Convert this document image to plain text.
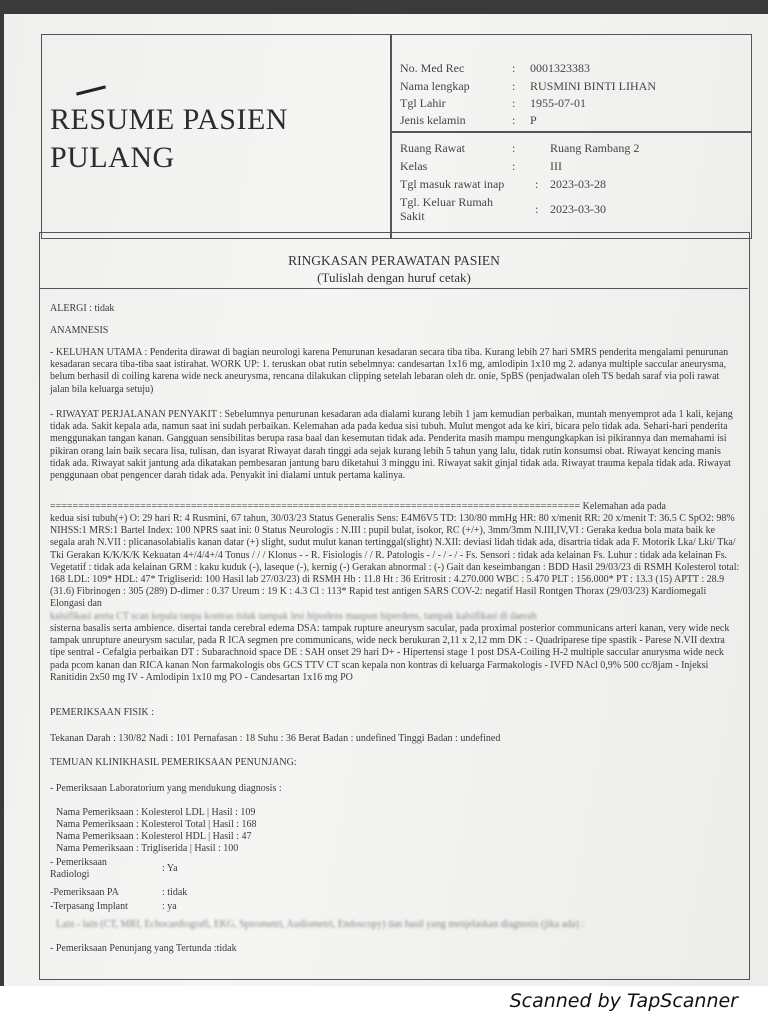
RESUME PASIEN
PULANG
No. Med Rec	: 0001323383
Nama lengkap	: RUSMINI BINTI LIHAN
Tgl Lahir	: 1955-07-01
Jenis kelamin	: P
Ruang Rawat	:	Ruang Rambang 2
Kelas	:	III
Tgl masuk rawat inap	: 2023-03-28
Tgl. Keluar Rumah
Sakit	: 2023-03-30
RINGKASAN PERAWATAN PASIEN
(Tulislah dengan huruf cetak)
ALERGI : tidak
ANAMNESIS
- KELUHAN UTAMA : Penderita dirawat di bagian neurologi karena Penurunan kesadaran secara tiba tiba. Kurang lebih 27 hari SMRS penderita mengalami penurunan kesadaran secara tiba-tiba saat istirahat. WORK UP: 1. teruskan obat rutin sebelmnya: candesartan 1x16 mg, amlodipin 1x10 mg 2. adanya multiple saccular aneurysma, belum berhasil di coiling karena wide neck aneurysma, rencana dilakukan clipping setelah lebaran oleh dr. onie, SpBS (penjadwalan oleh TS bedah saraf via poli rawat jalan bila keluarga setuju)
- RIWAYAT PERJALANAN PENYAKIT : Sebelumnya penurunan kesadaran ada dialami kurang lebih 1 jam kemudian perbaikan, muntah menyemprot ada 1 kali, kejang tidak ada. Sakit kepala ada, namun saat ini sudah perbaikan. Kelemahan ada pada kedua sisi tubuh. Mulut mengot ada ke kiri, bicara pelo tidak ada. Sehari-hari penderita menggunakan tangan kanan. Gangguan sensibilitas berupa rasa baal dan kesemutan tidak ada. Penderita masih mampu mengungkapkan isi pikirannya dan memahami isi pikiran orang lain baik secara lisa, tulisan, dan isyarat Riwayat darah tinggi ada sejak kurang lebih 5 tahun yang lalu, tidak rutin konsumsi obat. Riwayat kencing manis tidak ada. Riwayat sakit jantung ada dikatakan pembesaran jantung baru diketahui 3 minggu ini. Riwayat sakit ginjal tidak ada. Riwayat trauma kepala tidak ada. Riwayat penggunaan obat pengencer darah tidak ada. Penyakit ini dialami untuk pertama kalinya.
============================================================================================== Kelemahan ada pada
kedua sisi tubuh(+) O: 29 hari R: 4 Rusmini, 67 tahun, 30/03/23 Status Generalis Sens: E4M6V5 TD: 130/80 mmHg HR: 80 x/menit RR: 20 x/menit T: 36.5 C SpO2: 98% NIHSS:1 MRS:1 Bartel Index: 100 NPRS saat ini: 0 Status Neurologis : N.III : pupil bulat, isokor, RC (+/+), 3mm/3mm N.III,IV,VI : Geraka kedua bola mata baik ke segala arah N.VII : plicanasolabialis kanan datar (+) slight, sudut mulut kanan tertinggal(slight) N.XII: deviasi lidah tidak ada, disartria tidak ada F. Motorik Lka/ Lki/ Tka/ Tki Gerakan K/K/K/K Kekuatan 4+/4/4+/4 Tonus / / / Klonus - - R. Fisiologis / / R. Patologis - / - / - / - Fs. Sensori : tidak ada kelainan Fs. Luhur : tidak ada kelainan Fs. Vegetatif : tidak ada kelainan GRM : kaku kuduk (-), laseque (-), kernig (-) Gerakan abnormal : (-) Gait dan keseimbangan : BDD Hasil 29/03/23 di RSMH Kolesterol total: 168 LDL: 109* HDL: 47* Trigliserid: 100 Hasil lab 27/03/23) di RSMH Hb : 11.8 Ht : 36 Eritrosit : 4.270.000 WBC : 5.470 PLT : 156.000* PT : 13.3 (15) APTT : 28.9 (31.6) Fibrinogen : 305 (289) D-dimer : 0.37 Ureum : 19 K : 4.3 Cl : 113* Rapid test antigen SARS COV-2: negatif Hasil Rontgen Thorax (29/03/23) Kardiomegali Elongasi dan
kalsifikasi aorta CT scan kepala tanpa kontras tidak tampak lesi hipodens maupun hiperdens, tampak kalsifikasi di daerah
sisterna basalis serta ambience. disertai tanda cerebral edema DSA: tampak rupture aneurysm sacular, pada proximal posterior communicans arteri kanan, very wide neck tampak unrupture aneurysm sacular, pada R ICA segmen pre communicans, wide neck berukuran 2,11 x 2,12 mm DK : - Quadriparese tipe spastik - Parese N.VII dextra tipe sentral - Cefalgia perbaikan DT : Subarachnoid space DE : SAH onset 29 hari D+ - Hipertensi stage 1 post DSA-Coiling H-2 multiple saccular anurysma wide neck pada pcom kanan dan RICA kanan Non farmakologis obs GCS TTV CT scan kepala non kontras di keluarga Farmakologis - IVFD NAcl 0,9% 500 cc/8jam - Injeksi Ranitidin 2x50 mg IV - Amlodipin 1x10 mg PO - Candesartan 1x16 mg PO
PEMERIKSAAN FISIK :
Tekanan Darah : 130/82 Nadi : 101 Pernafasan : 18 Suhu : 36 Berat Badan : undefined Tinggi Badan : undefined
TEMUAN KLINIKHASIL PEMERIKSAAN PENUNJANG:
- Pemeriksaan Laboratorium yang mendukung diagnosis :
Nama Pemeriksaan : Kolesterol LDL | Hasil : 109
Nama Pemeriksaan : Kolesterol Total | Hasil : 168
Nama Pemeriksaan : Kolesterol HDL | Hasil : 47
Nama Pemeriksaan : Trigliserida | Hasil : 100
- Pemeriksaan
Radiologi
: Ya
-Pemeriksaan PA	: tidak
-Terpasang Implant	: ya
Lain - lain (CT, MRI, Echocardiografi, EKG, Spirometri, Audiometri, Endoscopy) dan hasil yang menjelaskan diagnosis (jika ada) :
- Pemeriksaan Penunjang yang Tertunda :tidak
Scanned by TapScanner
